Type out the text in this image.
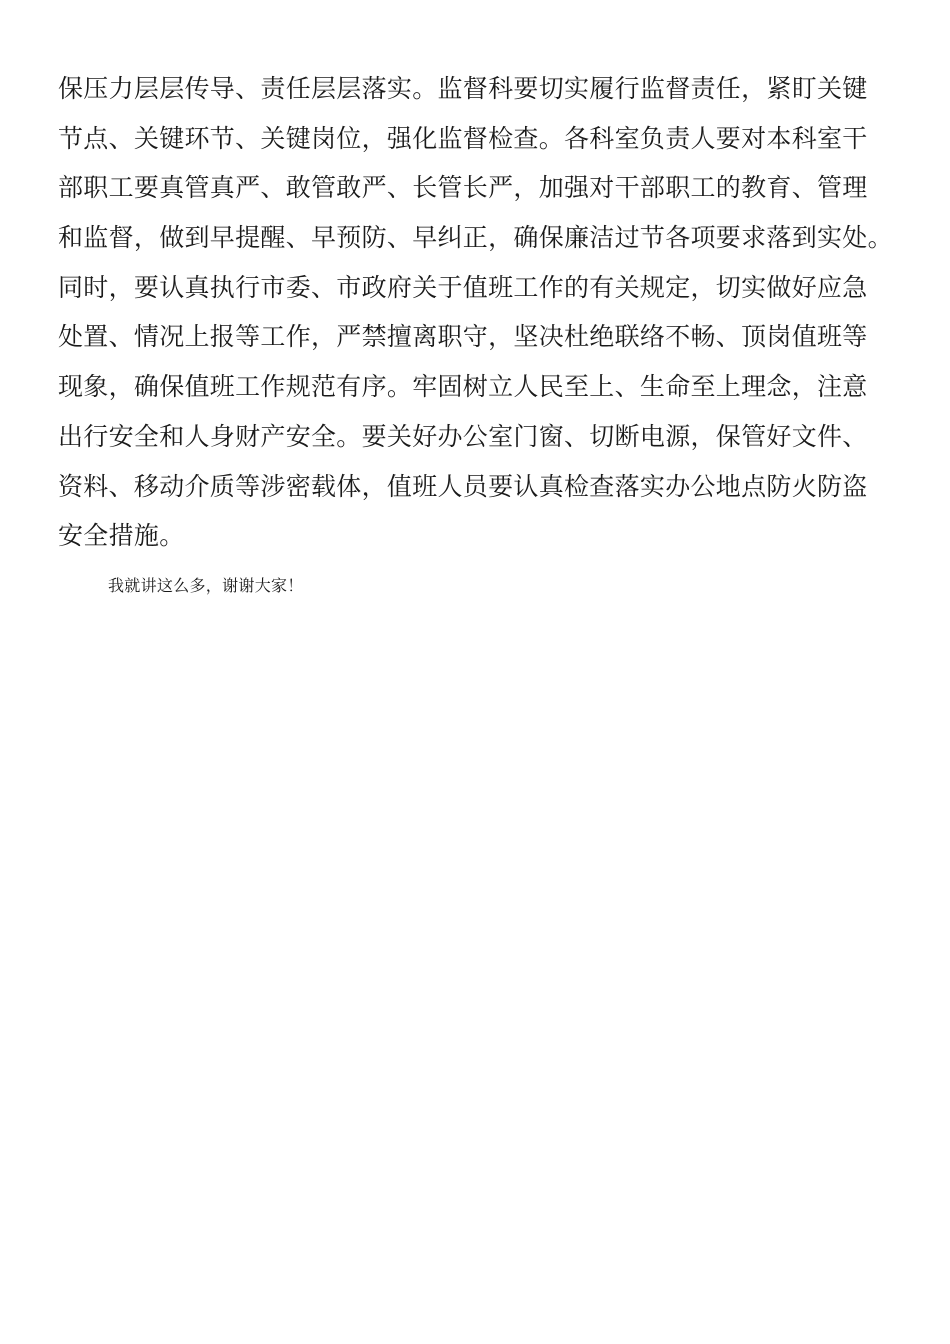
保压力层层传导、责任层层落实。监督科要切实履行监督责任，紧盯关键
节点、关键环节、关键岗位，强化监督检查。各科室负责人要对本科室干
部职工要真管真严、敢管敢严、长管长严，加强对干部职工的教育、管理
和监督，做到早提醒、早预防、早纠正，确保廉洁过节各项要求落到实处。
同时，要认真执行市委、市政府关于值班工作的有关规定，切实做好应急
处置、情况上报等工作，严禁擅离职守，坚决杜绝联络不畅、顶岗值班等
现象，确保值班工作规范有序。牢固树立人民至上、生命至上理念，注意
出行安全和人身财产安全。要关好办公室门窗、切断电源，保管好文件、
资料、移动介质等涉密载体，值班人员要认真检查落实办公地点防火防盗
安全措施。
我就讲这么多，谢谢大家！
